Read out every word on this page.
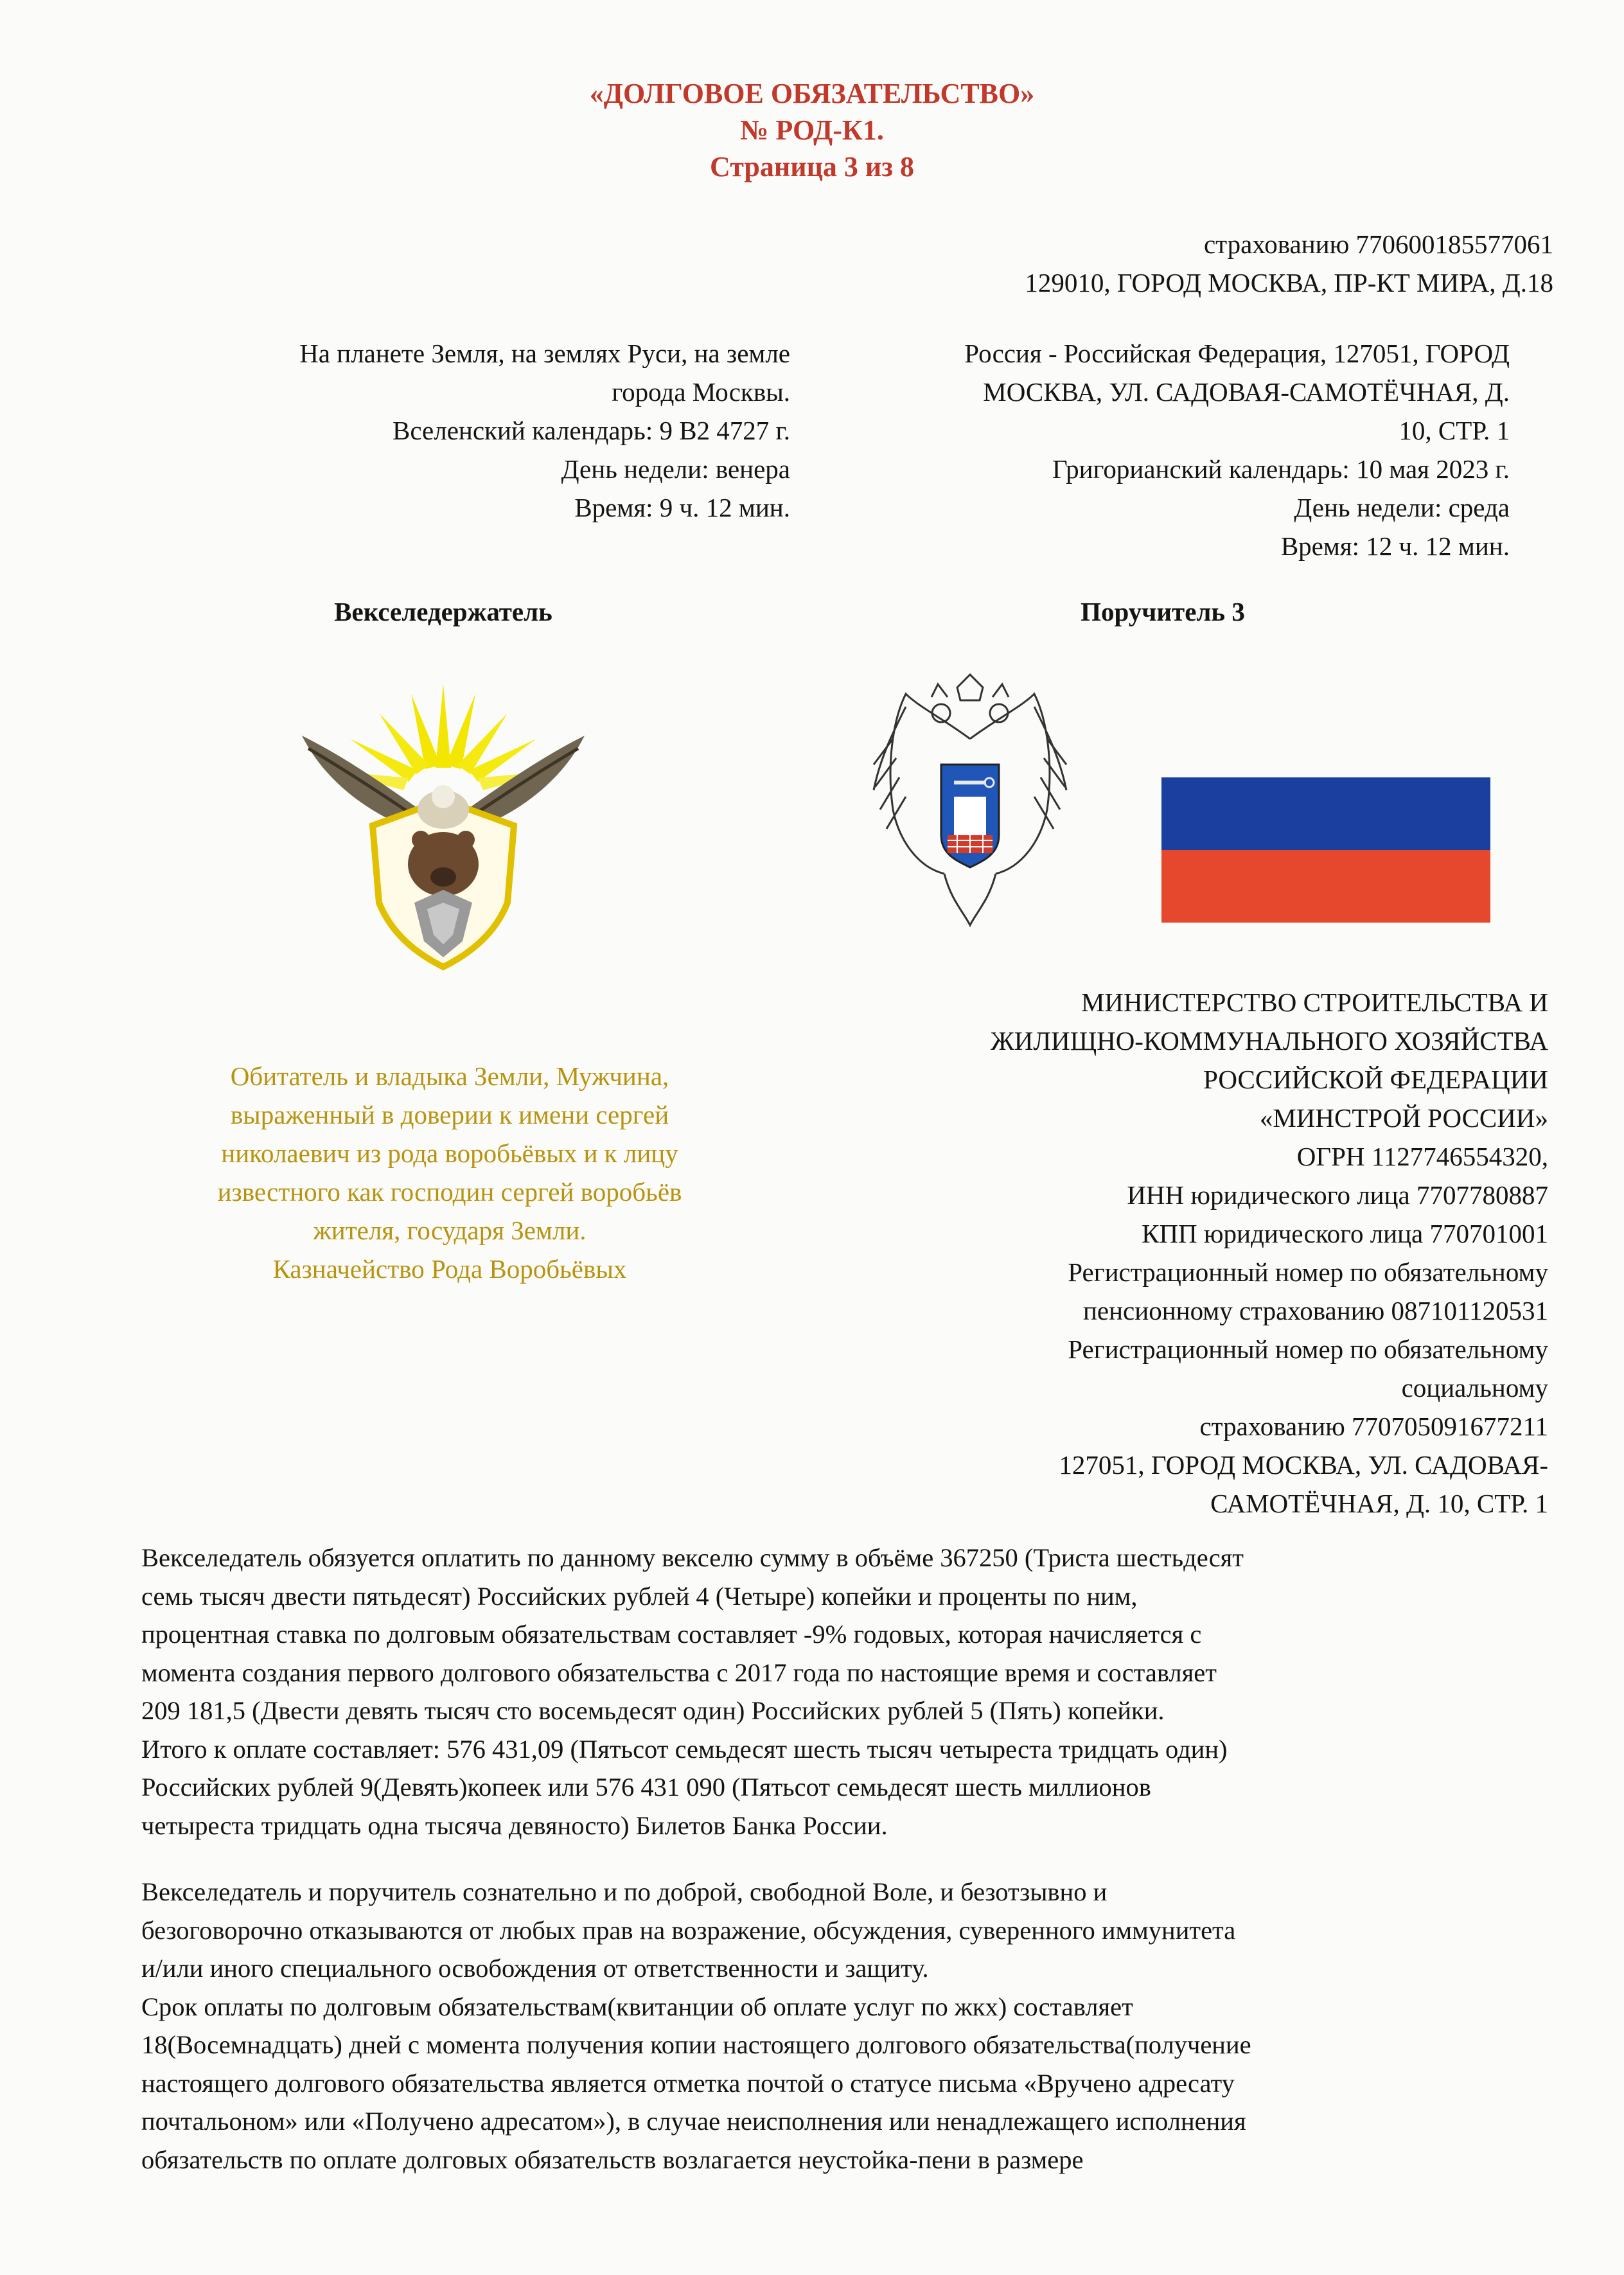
«ДОЛГОВОЕ ОБЯЗАТЕЛЬСТВО»
№ РОД-К1.
Страница 3 из 8
страхованию 770600185577061
129010, ГОРОД МОСКВА, ПР-КТ МИРА, Д.18
На планете Земля, на землях Руси, на земле
города Москвы.
Вселенский календарь: 9 В2 4727 г.
День недели: венера
Время: 9 ч. 12 мин.
Россия - Российская Федерация, 127051, ГОРОД
МОСКВА, УЛ. САДОВАЯ-САМОТЁЧНАЯ, Д.
10, СТР. 1
Григорианский календарь: 10 мая 2023 г.
День недели: среда
Время: 12 ч. 12 мин.
Векселедержатель	Поручитель 3
Обитатель и владыка Земли, Мужчина,
выраженный в доверии к имени сергей
николаевич из рода воробьёвых и к лицу
известного как господин сергей воробьёв
жителя, государя Земли.
Казначейство Рода Воробьёвых
МИНИСТЕРСТВО СТРОИТЕЛЬСТВА И
ЖИЛИЩНО-КОММУНАЛЬНОГО ХОЗЯЙСТВА
РОССИЙСКОЙ ФЕДЕРАЦИИ
«МИНСТРОЙ РОССИИ»
ОГРН 1127746554320,
ИНН юридического лица 7707780887
КПП юридического лица 770701001
Регистрационный номер по обязательному
пенсионному страхованию 087101120531
Регистрационный номер по обязательному
социальному
страхованию 770705091677211
127051, ГОРОД МОСКВА, УЛ. САДОВАЯ-
САМОТЁЧНАЯ, Д. 10, СТР. 1
Векселедатель обязуется оплатить по данному векселю сумму в объёме 367250 (Триста шестьдесят
семь тысяч двести пятьдесят) Российских рублей 4 (Четыре) копейки и проценты по ним,
процентная ставка по долговым обязательствам составляет -9% годовых, которая начисляется с
момента создания первого долгового обязательства с 2017 года по настоящие время и составляет
209 181,5 (Двести девять тысяч сто восемьдесят один) Российских рублей 5 (Пять) копейки.
Итого к оплате составляет: 576 431,09 (Пятьсот семьдесят шесть тысяч четыреста тридцать один)
Российских рублей 9(Девять)копеек или 576 431 090 (Пятьсот семьдесят шесть миллионов
четыреста тридцать одна тысяча девяносто) Билетов Банка России.
Векселедатель и поручитель сознательно и по доброй, свободной Воле, и безотзывно и
безоговорочно отказываются от любых прав на возражение, обсуждения, суверенного иммунитета
и/или иного специального освобождения от ответственности и защиту.
Срок оплаты по долговым обязательствам(квитанции об оплате услуг по жкх) составляет
18(Восемнадцать) дней с момента получения копии настоящего долгового обязательства(получение
настоящего долгового обязательства является отметка почтой о статусе письма «Вручено адресату
почтальоном» или «Получено адресатом»), в случае неисполнения или ненадлежащего исполнения
обязательств по оплате долговых обязательств возлагается неустойка-пени в размере
